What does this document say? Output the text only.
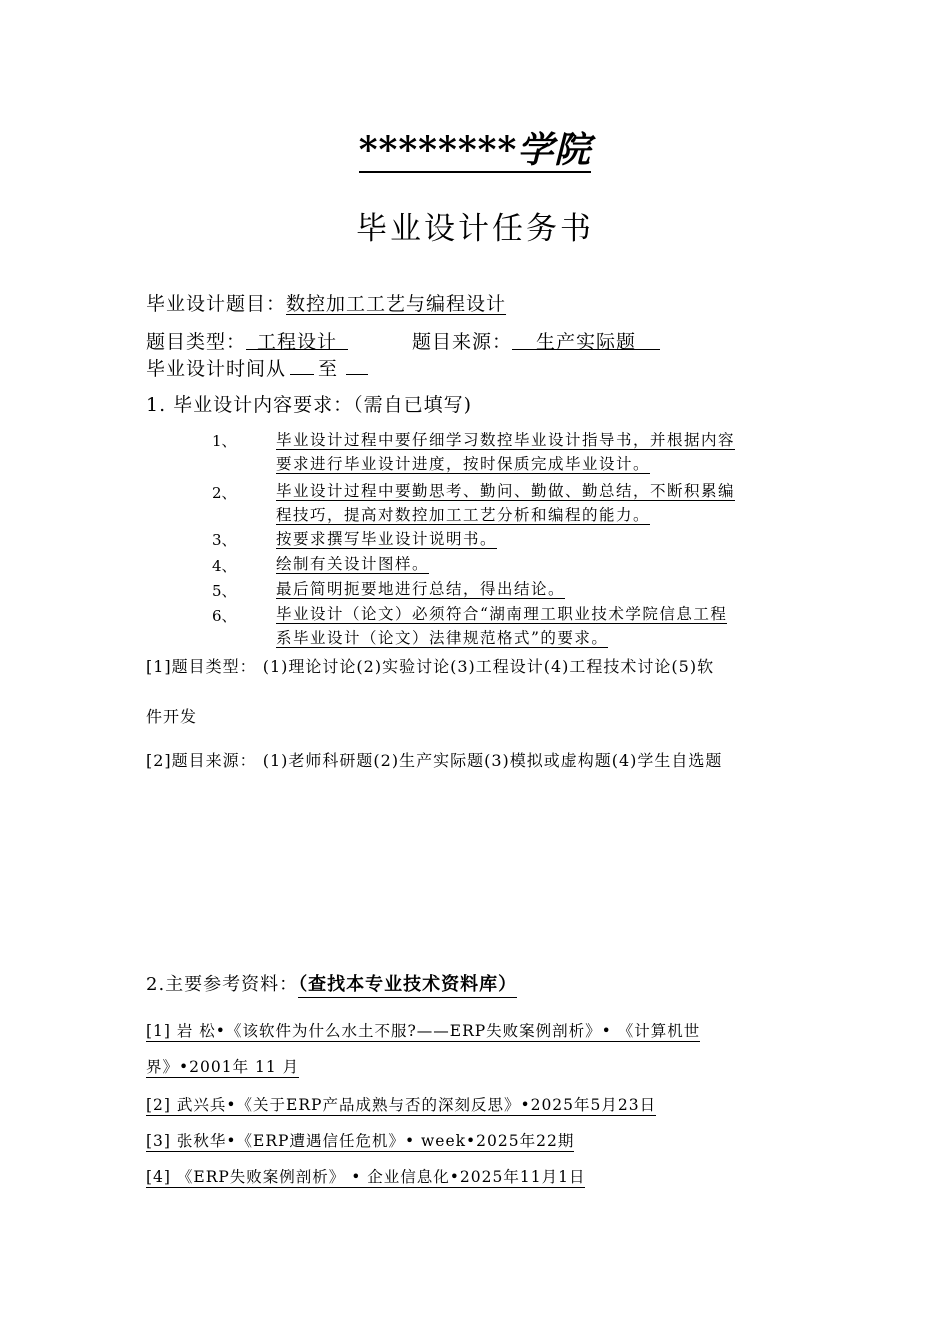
********学院
毕业设计任务书
毕业设计题目：数控加工工艺与编程设计
题目类型： 工程设计	题目来源： 生产实际题
毕业设计时间从 至
1. 毕业设计内容要求：（需自已填写)
1、	毕业设计过程中要仔细学习数控毕业设计指导书，并根据内容
要求进行毕业设计进度，按时保质完成毕业设计。
2、	毕业设计过程中要勤思考、勤问、勤做、勤总结，不断积累编
程技巧，提高对数控加工工艺分析和编程的能力。
3、	按要求撰写毕业设计说明书。
4、	绘制有关设计图样。
5、	最后简明扼要地进行总结，得出结论。
6、	毕业设计（论文）必须符合“湖南理工职业技术学院信息工程
系毕业设计（论文）法律规范格式”的要求。
[1]题目类型： (1)理论讨论(2)实验讨论(3)工程设计(4)工程技术讨论(5)软
件开发
[2]题目来源： (1)老师科研题(2)生产实际题(3)模拟或虚构题(4)学生自选题
2.主要参考资料：（查找本专业技术资料库）
[1] 岩 松•《该软件为什么水土不服?——ERP失败案例剖析》• 《计算机世
界》•2001年 11 月
[2] 武兴兵•《关于ERP产品成熟与否的深刻反思》•2025年5月23日
[3] 张秋华•《ERP遭遇信任危机》• week•2025年22期
[4] 《ERP失败案例剖析》 • 企业信息化•2025年11月1日
